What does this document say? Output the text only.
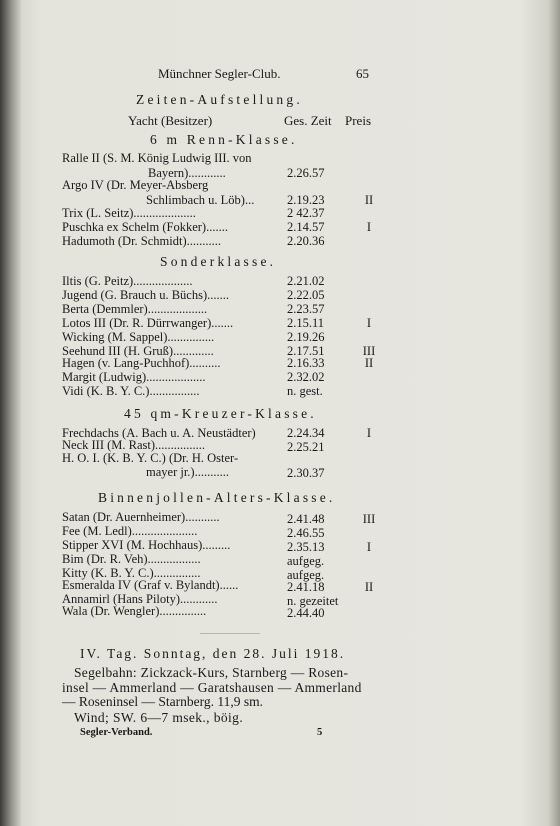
Münchner Segler-Club.	65
Zeiten-Aufstellung.
Yacht (Besitzer)	Ges. Zeit Preis
6 m Renn-Klasse.
Ralle II (S. M. König Ludwig III. von
Bayern)............	2.26.57
Argo IV (Dr. Meyer-Absberg
Schlimbach u. Löb)...	2.19.23	II
Trix (L. Seitz)....................	2 42.37
Puschka ex Schelm (Fokker).......	2.14.57	I
Hadumoth (Dr. Schmidt)...........	2.20.36
Sonderklasse.
Iltis (G. Peitz)...................	2.21.02
Jugend (G. Brauch u. Büchs).......	2.22.05
Berta (Demmler)...................	2.23.57
Lotos III (Dr. R. Dürrwanger).......	2.15.11	I
Wicking (M. Sappel)...............	2.19.26
Seehund III (H. Gruß).............	2.17.51	III
Hagen (v. Lang-Puchhof)..........	2.16.33	II
Margit (Ludwig)...................	2.32.02
Vidi (K. B. Y. C.)................	n. gest.
45 qm-Kreuzer-Klasse.
Frechdachs (A. Bach u. A. Neustädter)	2.24.34	I
Neck III (M. Rast)................	2.25.21
H. O. I. (K. B. Y. C.) (Dr. H. Oster-
mayer jr.)...........	2.30.37
Binnenjollen-Alters-Klasse.
Satan (Dr. Auernheimer)...........	2.41.48	III
Fee (M. Ledl).....................	2.46.55
Stipper XVI (M. Hochhaus).........	2.35.13	I
Bim (Dr. R. Veh).................	aufgeg.
Kitty (K. B. Y. C.)...............	aufgeg.
Esmeralda IV (Graf v. Bylandt)......	2.41.18	II
Annamirl (Hans Piloty)............	n. gezeitet
Wala (Dr. Wengler)...............	2.44.40
IV. Tag. Sonntag, den 28. Juli 1918.
Segelbahn: Zickzack-Kurs, Starnberg — Rosen-
insel — Ammerland — Garatshausen — Ammerland
— Roseninsel — Starnberg. 11,9 sm.
Wind; SW. 6—7 msek., böig.
Segler-Verband.	5
